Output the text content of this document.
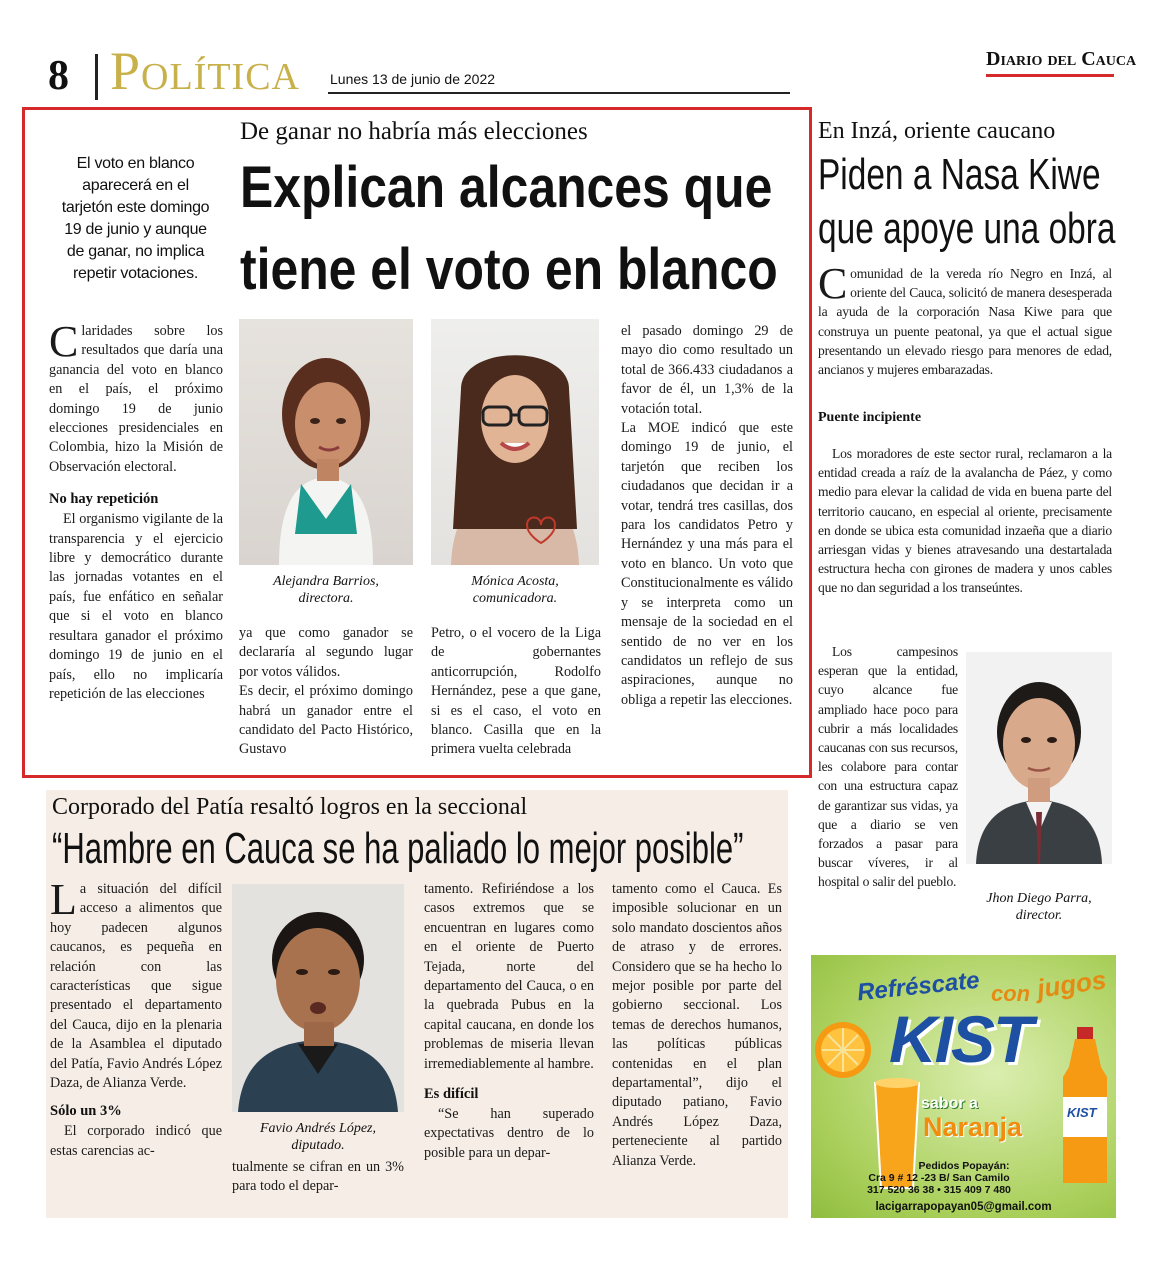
8 Política Lunes 13 de junio de 2022
Diario del Cauca
De ganar no habría más elecciones
Explican alcances que
tiene el voto en blanco
El voto en blanco
aparecerá en el
tarjetón este domingo
19 de junio y aunque
de ganar, no implica
repetir votaciones.

Claridades sobre los resultados que daría una ganancia del voto en blanco en el país, el próximo domingo 19 de junio elecciones presidenciales en Colombia, hizo la Misión de Observación electoral.

No hay repetición

El organismo vigilante de la transparencia y el ejercicio libre y democrático durante las jornadas votantes en el país, fue enfático en señalar que si el voto en blanco resultara ganador el próximo domingo 19 de junio en el país, ello no implicaría repetición de las elecciones

Alejandra Barrios,
directora.
Mónica Acosta,
comunicadora.

ya que como ganador se declararía al segundo lugar por votos válidos.
Es decir, el próximo domingo habrá un ganador entre el candidato del Pacto Histórico, Gustavo

Petro, o el vocero de la Liga de gobernantes anticorrupción, Rodolfo Hernández, pese a que gane, si es el caso, el voto en blanco. Casilla que en la primera vuelta celebrada

el pasado domingo 29 de mayo dio como resultado un total de 366.433 ciudadanos a favor de él, un 1,3% de la votación total.
La MOE indicó que este domingo 19 de junio, el tarjetón que reciben los ciudadanos que decidan ir a votar, tendrá tres casillas, dos para los candidatos Petro y Hernández y una más para el voto en blanco. Un voto que Constitucionalmente es válido y se interpreta como un mensaje de la sociedad en el sentido de no ver en los candidatos un reflejo de sus aspiraciones, aunque no obliga a repetir las elecciones.

En Inzá, oriente caucano
Piden a Nasa Kiwe
que apoye una obra

Comunidad de la vereda río Negro en Inzá, al oriente del Cauca, solicitó de manera desesperada la ayuda de la corporación Nasa Kiwe para que construya un puente peatonal, ya que el actual sigue presentando un elevado riesgo para menores de edad, ancianos y mujeres embarazadas.

Puente incipiente

Los moradores de este sector rural, reclamaron a la entidad creada a raíz de la avalancha de Páez, y como medio para elevar la calidad de vida en buena parte del territorio caucano, en especial al oriente, precisamente en donde se ubica esta comunidad inzaeña que a diario arriesgan vidas y bienes atravesando una destartalada estructura hecha con girones de madera y unos cables que no dan seguridad a los transeúntes.

Los campesinos esperan que la entidad, cuyo alcance fue ampliado hace poco para cubrir a más localidades caucanas con sus recursos, les colabore para contar con una estructura capaz de garantizar sus vidas, ya que a diario se ven forzados a pasar para buscar víveres, ir al hospital o salir del pueblo.

Jhon Diego Parra,
director.
Corporado del Patía resaltó logros en la seccional
“Hambre en Cauca se ha paliado lo mejor posible”

La situación del difícil acceso a alimentos que hoy padecen algunos caucanos, es pequeña en relación con las características que sigue presentado el departamento del Cauca, dijo en la plenaria de la Asamblea el diputado del Patía, Favio Andrés López Daza, de Alianza Verde.

Sólo un 3%

El corporado indicó que estas carencias ac-

Favio Andrés López,
diputado.

tualmente se cifran en un 3% para todo el depar-

tamento. Refiriéndose a los casos extremos que se encuentran en lugares como en el oriente de Puerto Tejada, norte del departamento del Cauca, o en la quebrada Pubus en la capital caucana, en donde los problemas de miseria llevan irremediablemente al hambre.

Es difícil

“Se han superado expectativas dentro de lo posible para un depar-

tamento como el Cauca. Es imposible solucionar en un solo mandato doscientos años de atraso y de errores. Considero que se ha hecho lo mejor posible por parte del gobierno seccional. Los temas de derechos humanos, las políticas públicas contenidas en el plan departamental”, dijo el diputado patiano, Favio Andrés López Daza, perteneciente al partido Alianza Verde.

Refréscate con jugos
KIST
sabor a
Naranja	KIST
Pedidos Popayán:
Cra 9 # 12 -23 B/ San Camilo
317 520 36 38 • 315 409 7 480
lacigarrapopayan05@gmail.com
